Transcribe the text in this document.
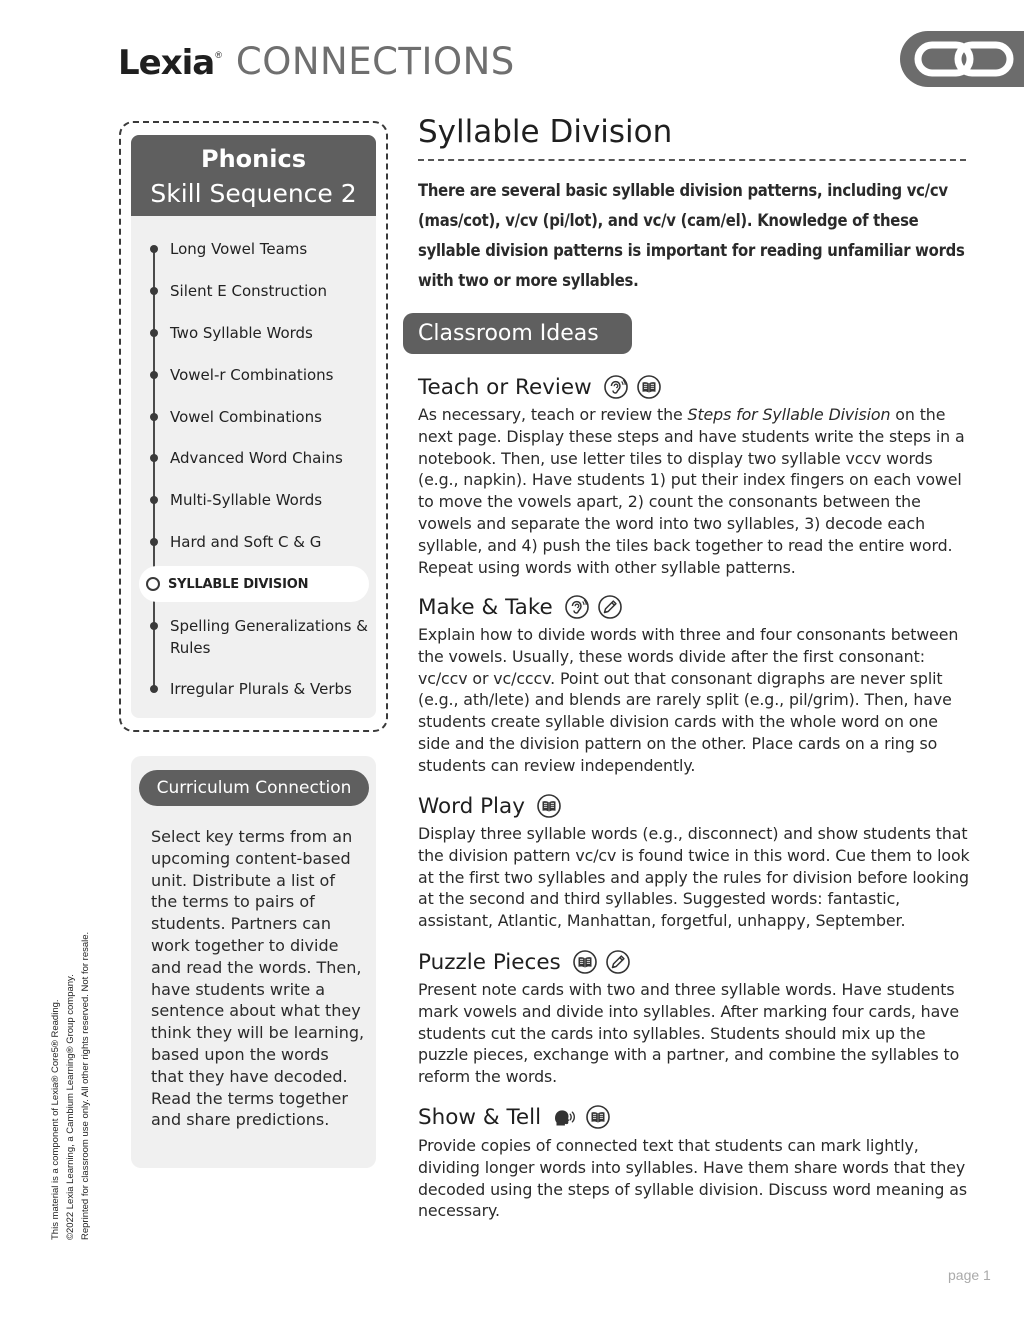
Lexia ® CONNECTIONS
Phonics
Skill Sequence 2
Long Vowel Teams
Silent E Construction
Two Syllable Words
Vowel-r Combinations
Vowel Combinations
Advanced Word Chains
Multi-Syllable Words
Hard and Soft C & G
SYLLABLE DIVISION
Spelling Generalizations & Rules
Irregular Plurals & Verbs
Curriculum Connection
Select key terms from an upcoming content-based unit. Distribute a list of the terms to pairs of students. Partners can work together to divide and read the words. Then, have students write a sentence about what they think they will be learning, based upon the words that they have decoded. Read the terms together and share predictions.
This material is a component of Lexia® Core5® Reading. ©2022 Lexia Learning, a Cambium Learning® Group company. Reprinted for classroom use only. All other rights reserved. Not for resale.
Syllable Division
There are several basic syllable division patterns, including vc/cv (mas/cot), v/cv (pi/lot), and vc/v (cam/el). Knowledge of these syllable division patterns is important for reading unfamiliar words with two or more syllables.
Classroom Ideas
Teach or Review
As necessary, teach or review the Steps for Syllable Division on the next page. Display these steps and have students write the steps in a notebook. Then, use letter tiles to display two syllable vccv words (e.g., napkin). Have students 1) put their index fingers on each vowel to move the vowels apart, 2) count the consonants between the vowels and separate the word into two syllables, 3) decode each syllable, and 4) push the tiles back together to read the entire word. Repeat using words with other syllable patterns.
Make & Take
Explain how to divide words with three and four consonants between the vowels. Usually, these words divide after the first consonant: vc/ccv or vc/cccv. Point out that consonant digraphs are never split (e.g., ath/lete) and blends are rarely split (e.g., pil/grim). Then, have students create syllable division cards with the whole word on one side and the division pattern on the other. Place cards on a ring so students can review independently.
Word Play
Display three syllable words (e.g., disconnect) and show students that the division pattern vc/cv is found twice in this word. Cue them to look at the first two syllables and apply the rules for division before looking at the second and third syllables. Suggested words: fantastic, assistant, Atlantic, Manhattan, forgetful, unhappy, September.
Puzzle Pieces
Present note cards with two and three syllable words. Have students mark vowels and divide into syllables. After marking four cards, have students cut the cards into syllables. Students should mix up the puzzle pieces, exchange with a partner, and combine the syllables to reform the words.
Show & Tell
Provide copies of connected text that students can mark lightly, dividing longer words into syllables. Have them share words that they decoded using the steps of syllable division. Discuss word meaning as necessary.
page 1
